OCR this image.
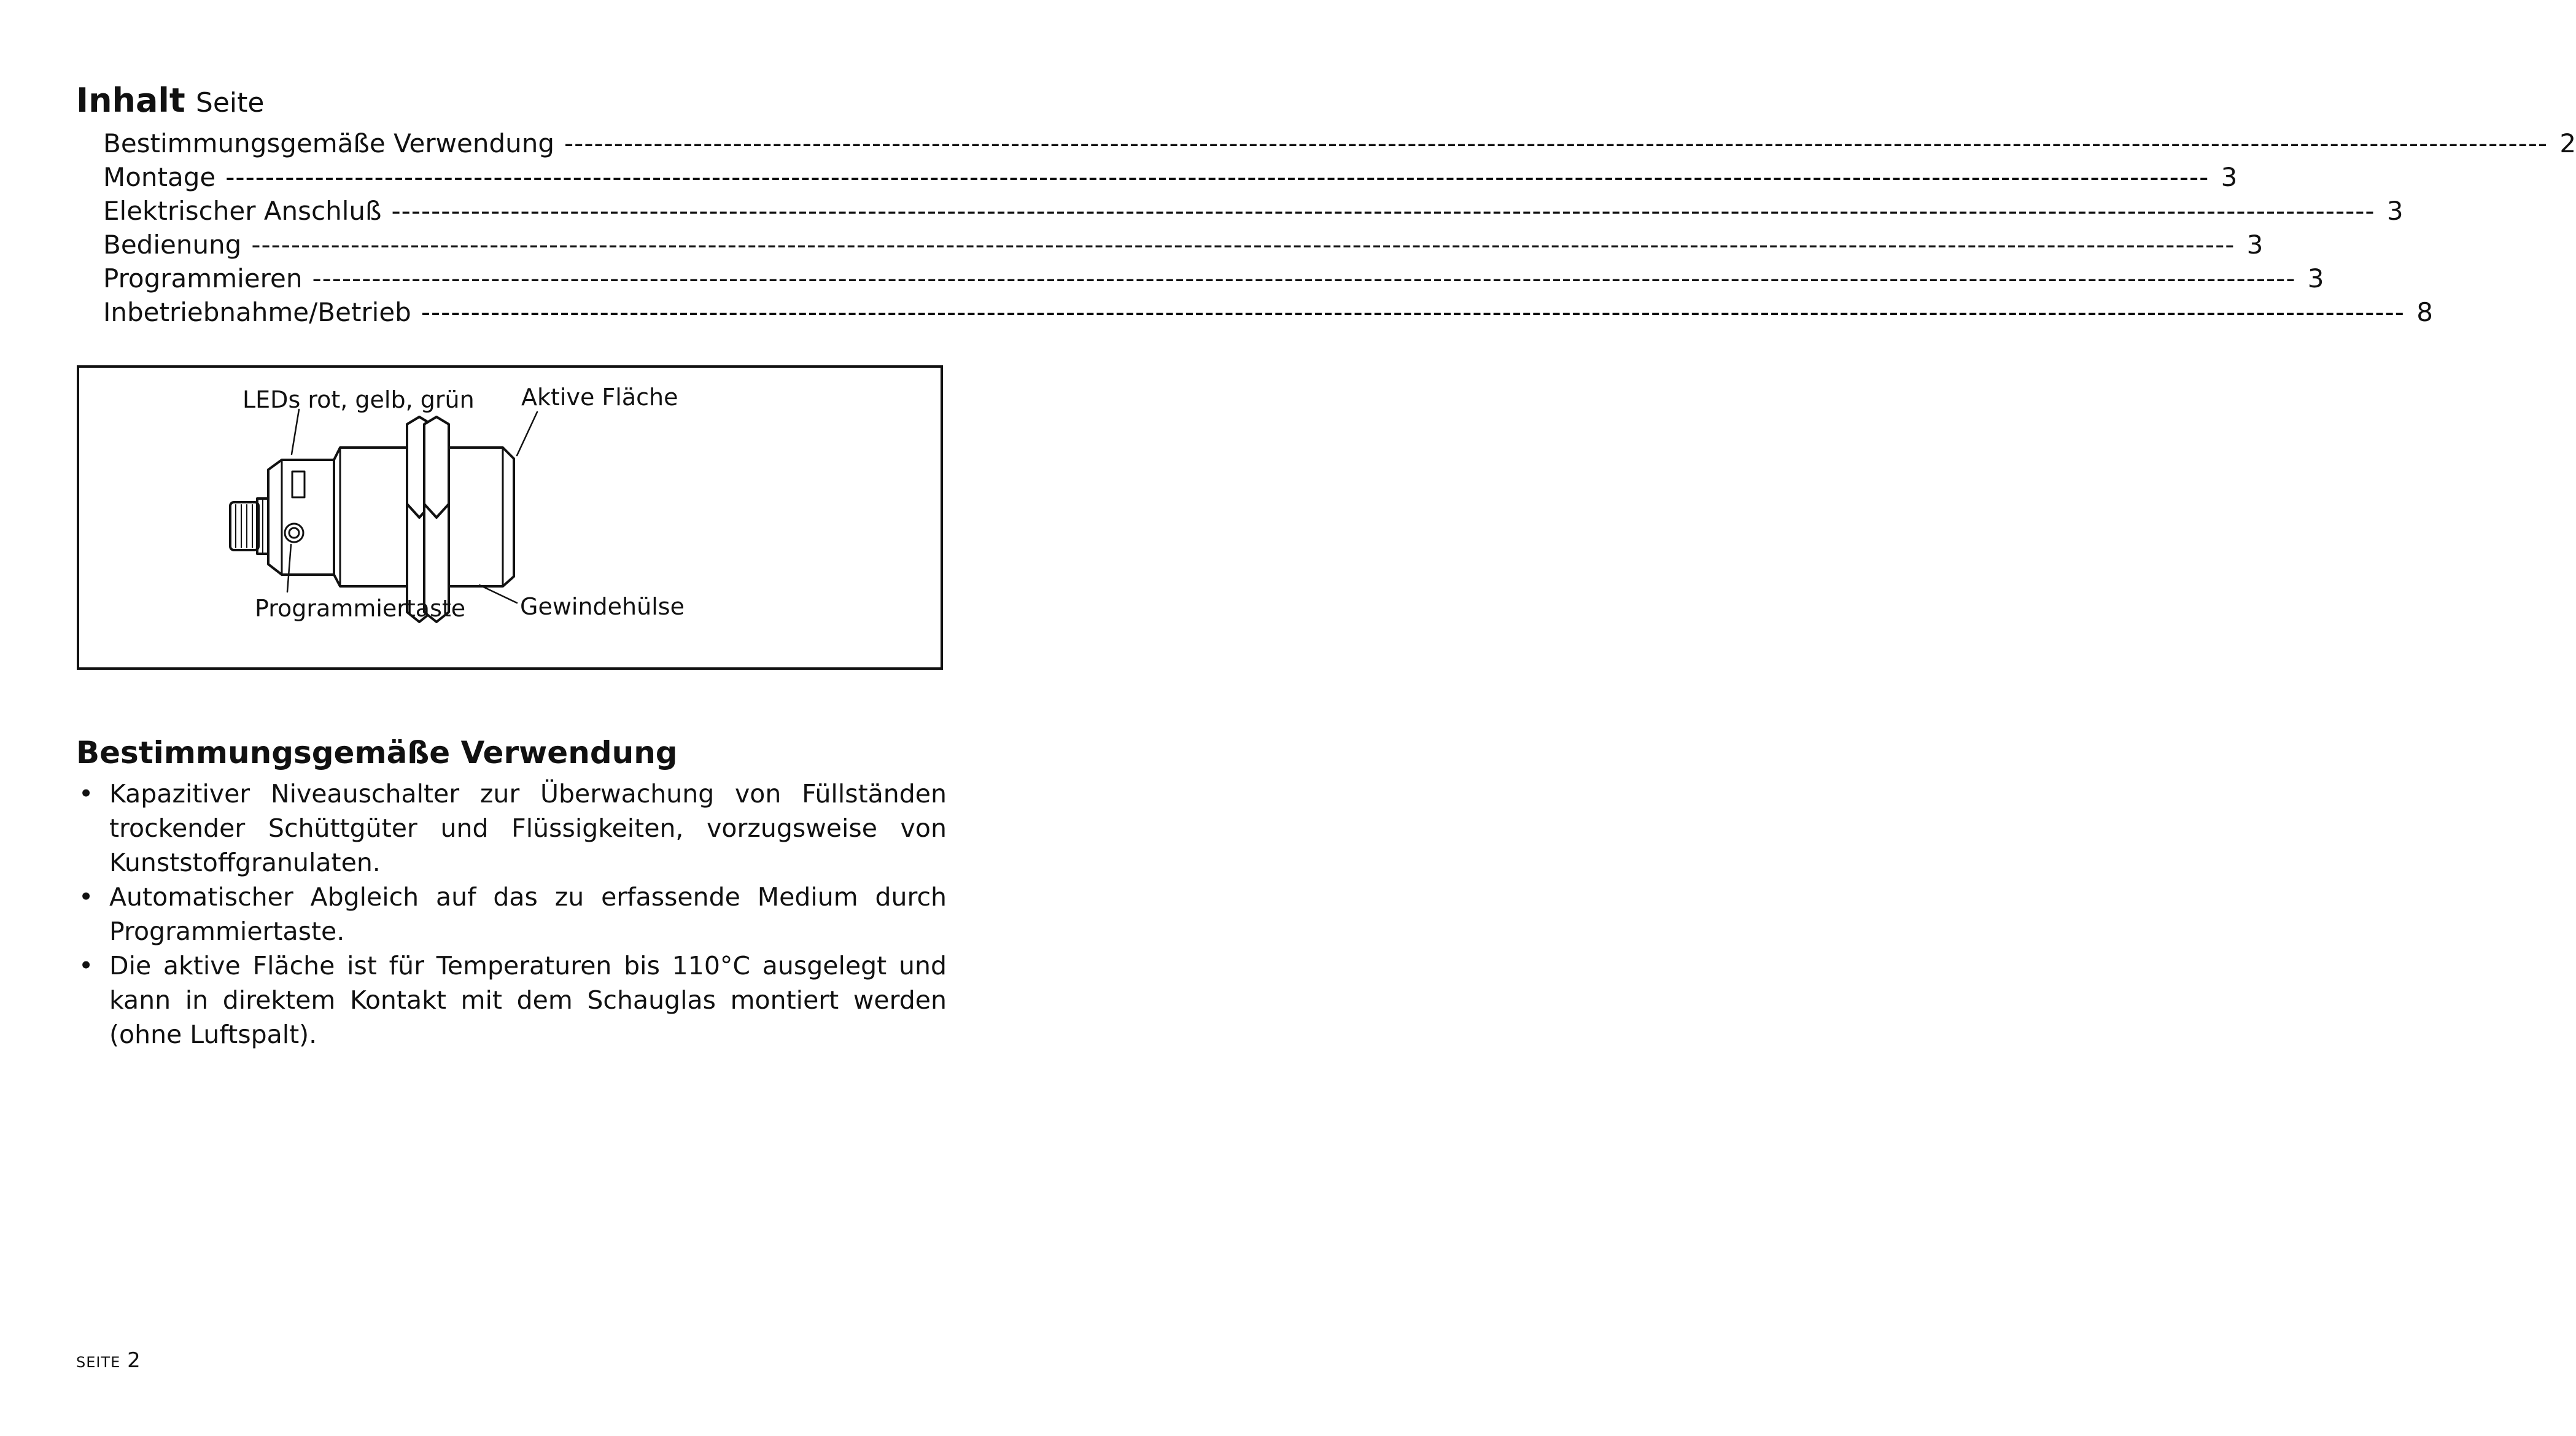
Inhalt Seite
Bestimmungsgemäße Verwendung -------------------------------------------------------------------------------------------------------------------------------------------------------------------------------------------------------- 2
Montage -------------------------------------------------------------------------------------------------------------------------------------------------------------------------------------------------------- 3
Elektrischer Anschluß -------------------------------------------------------------------------------------------------------------------------------------------------------------------------------------------------------- 3
Bedienung -------------------------------------------------------------------------------------------------------------------------------------------------------------------------------------------------------- 3
Programmieren -------------------------------------------------------------------------------------------------------------------------------------------------------------------------------------------------------- 3
Inbetriebnahme/Betrieb -------------------------------------------------------------------------------------------------------------------------------------------------------------------------------------------------------- 8
LEDs rot, gelb, grün Aktive Fläche
Programmiertaste Gewindehülse
Bestimmungsgemäße Verwendung
• Kapazitiver Niveauschalter zur Überwachung von Füllständen trockender Schüttgüter und Flüssigkeiten, vorzugsweise von Kunststoffgranulaten.
• Automatischer Abgleich auf das zu erfassende Medium durch Programmiertaste.
• Die aktive Fläche ist für Temperaturen bis 110°C ausgelegt und kann in direktem Kontakt mit dem Schauglas montiert werden (ohne Luftspalt).
SEITE 2
